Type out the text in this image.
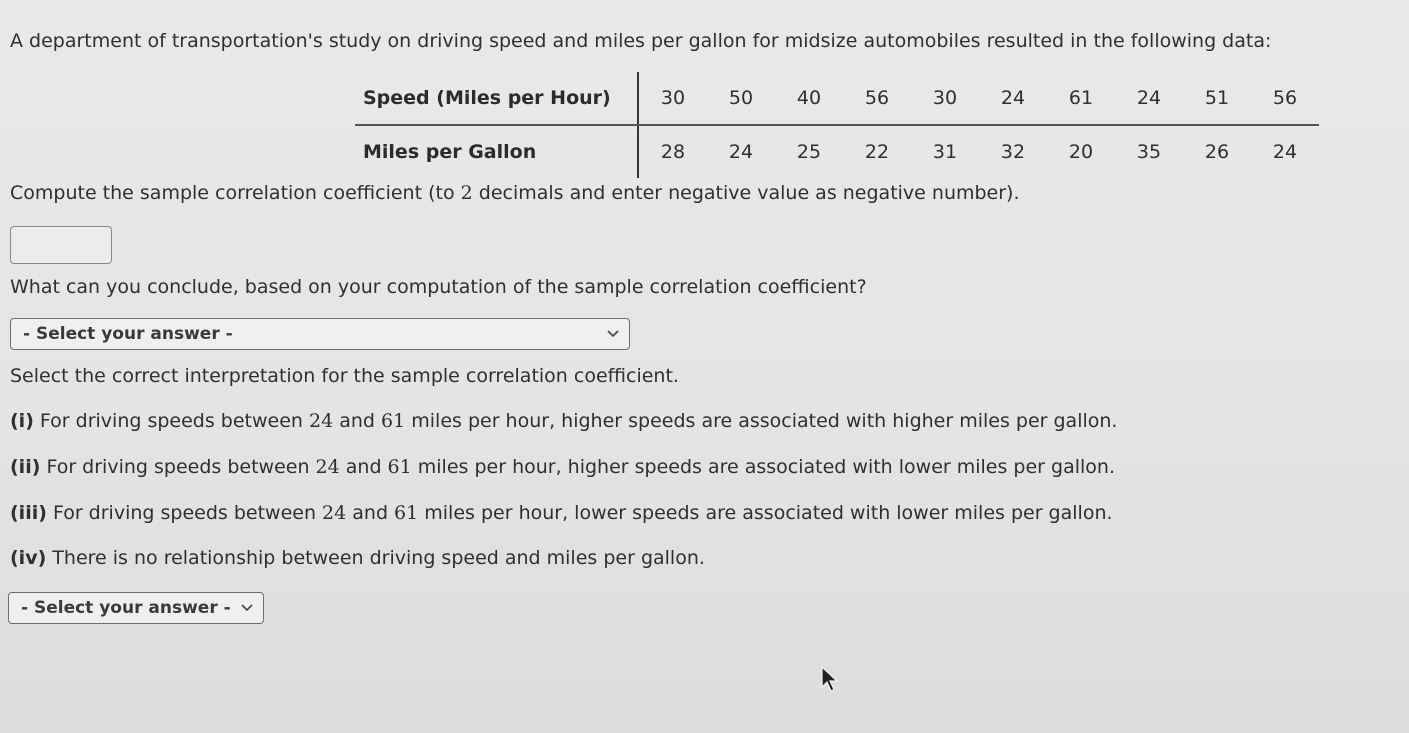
A department of transportation's study on driving speed and miles per gallon for midsize automobiles resulted in the following data:
Speed (Miles per Hour)	30	50	40	56	30	24	61	24	51	56
Miles per Gallon	28	24	25	22	31	32	20	35	26	24
Compute the sample correlation coefficient (to 2 decimals and enter negative value as negative number).
What can you conclude, based on your computation of the sample correlation coefficient?
- Select your answer -
Select the correct interpretation for the sample correlation coefficient.
(i) For driving speeds between 24 and 61 miles per hour, higher speeds are associated with higher miles per gallon.
(ii) For driving speeds between 24 and 61 miles per hour, higher speeds are associated with lower miles per gallon.
(iii) For driving speeds between 24 and 61 miles per hour, lower speeds are associated with lower miles per gallon.
(iv) There is no relationship between driving speed and miles per gallon.
- Select your answer -
